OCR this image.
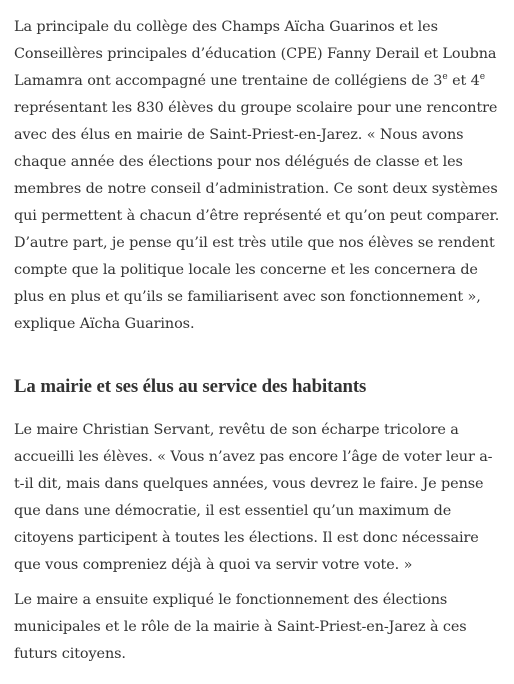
La principale du collège des Champs Aïcha Guarinos et les Conseillères principales d’éducation (CPE) Fanny Derail et Loubna Lamamra ont accompagné une trentaine de collégiens de 3e et 4e représentant les 830 élèves du groupe scolaire pour une rencontre avec des élus en mairie de Saint-Priest-en-Jarez. « Nous avons chaque année des élections pour nos délégués de classe et les membres de notre conseil d’administration. Ce sont deux systèmes qui permettent à chacun d’être représenté et qu’on peut comparer. D’autre part, je pense qu’il est très utile que nos élèves se rendent compte que la politique locale les concerne et les concernera de plus en plus et qu’ils se familiarisent avec son fonctionnement », explique Aïcha Guarinos.

La mairie et ses élus au service des habitants

Le maire Christian Servant, revêtu de son écharpe tricolore a accueilli les élèves. « Vous n’avez pas encore l’âge de voter leur a-t-il dit, mais dans quelques années, vous devrez le faire. Je pense que dans une démocratie, il est essentiel qu’un maximum de citoyens participent à toutes les élections. Il est donc nécessaire que vous compreniez déjà à quoi va servir votre vote. »

Le maire a ensuite expliqué le fonctionnement des élections municipales et le rôle de la mairie à Saint-Priest-en-Jarez à ces futurs citoyens.
